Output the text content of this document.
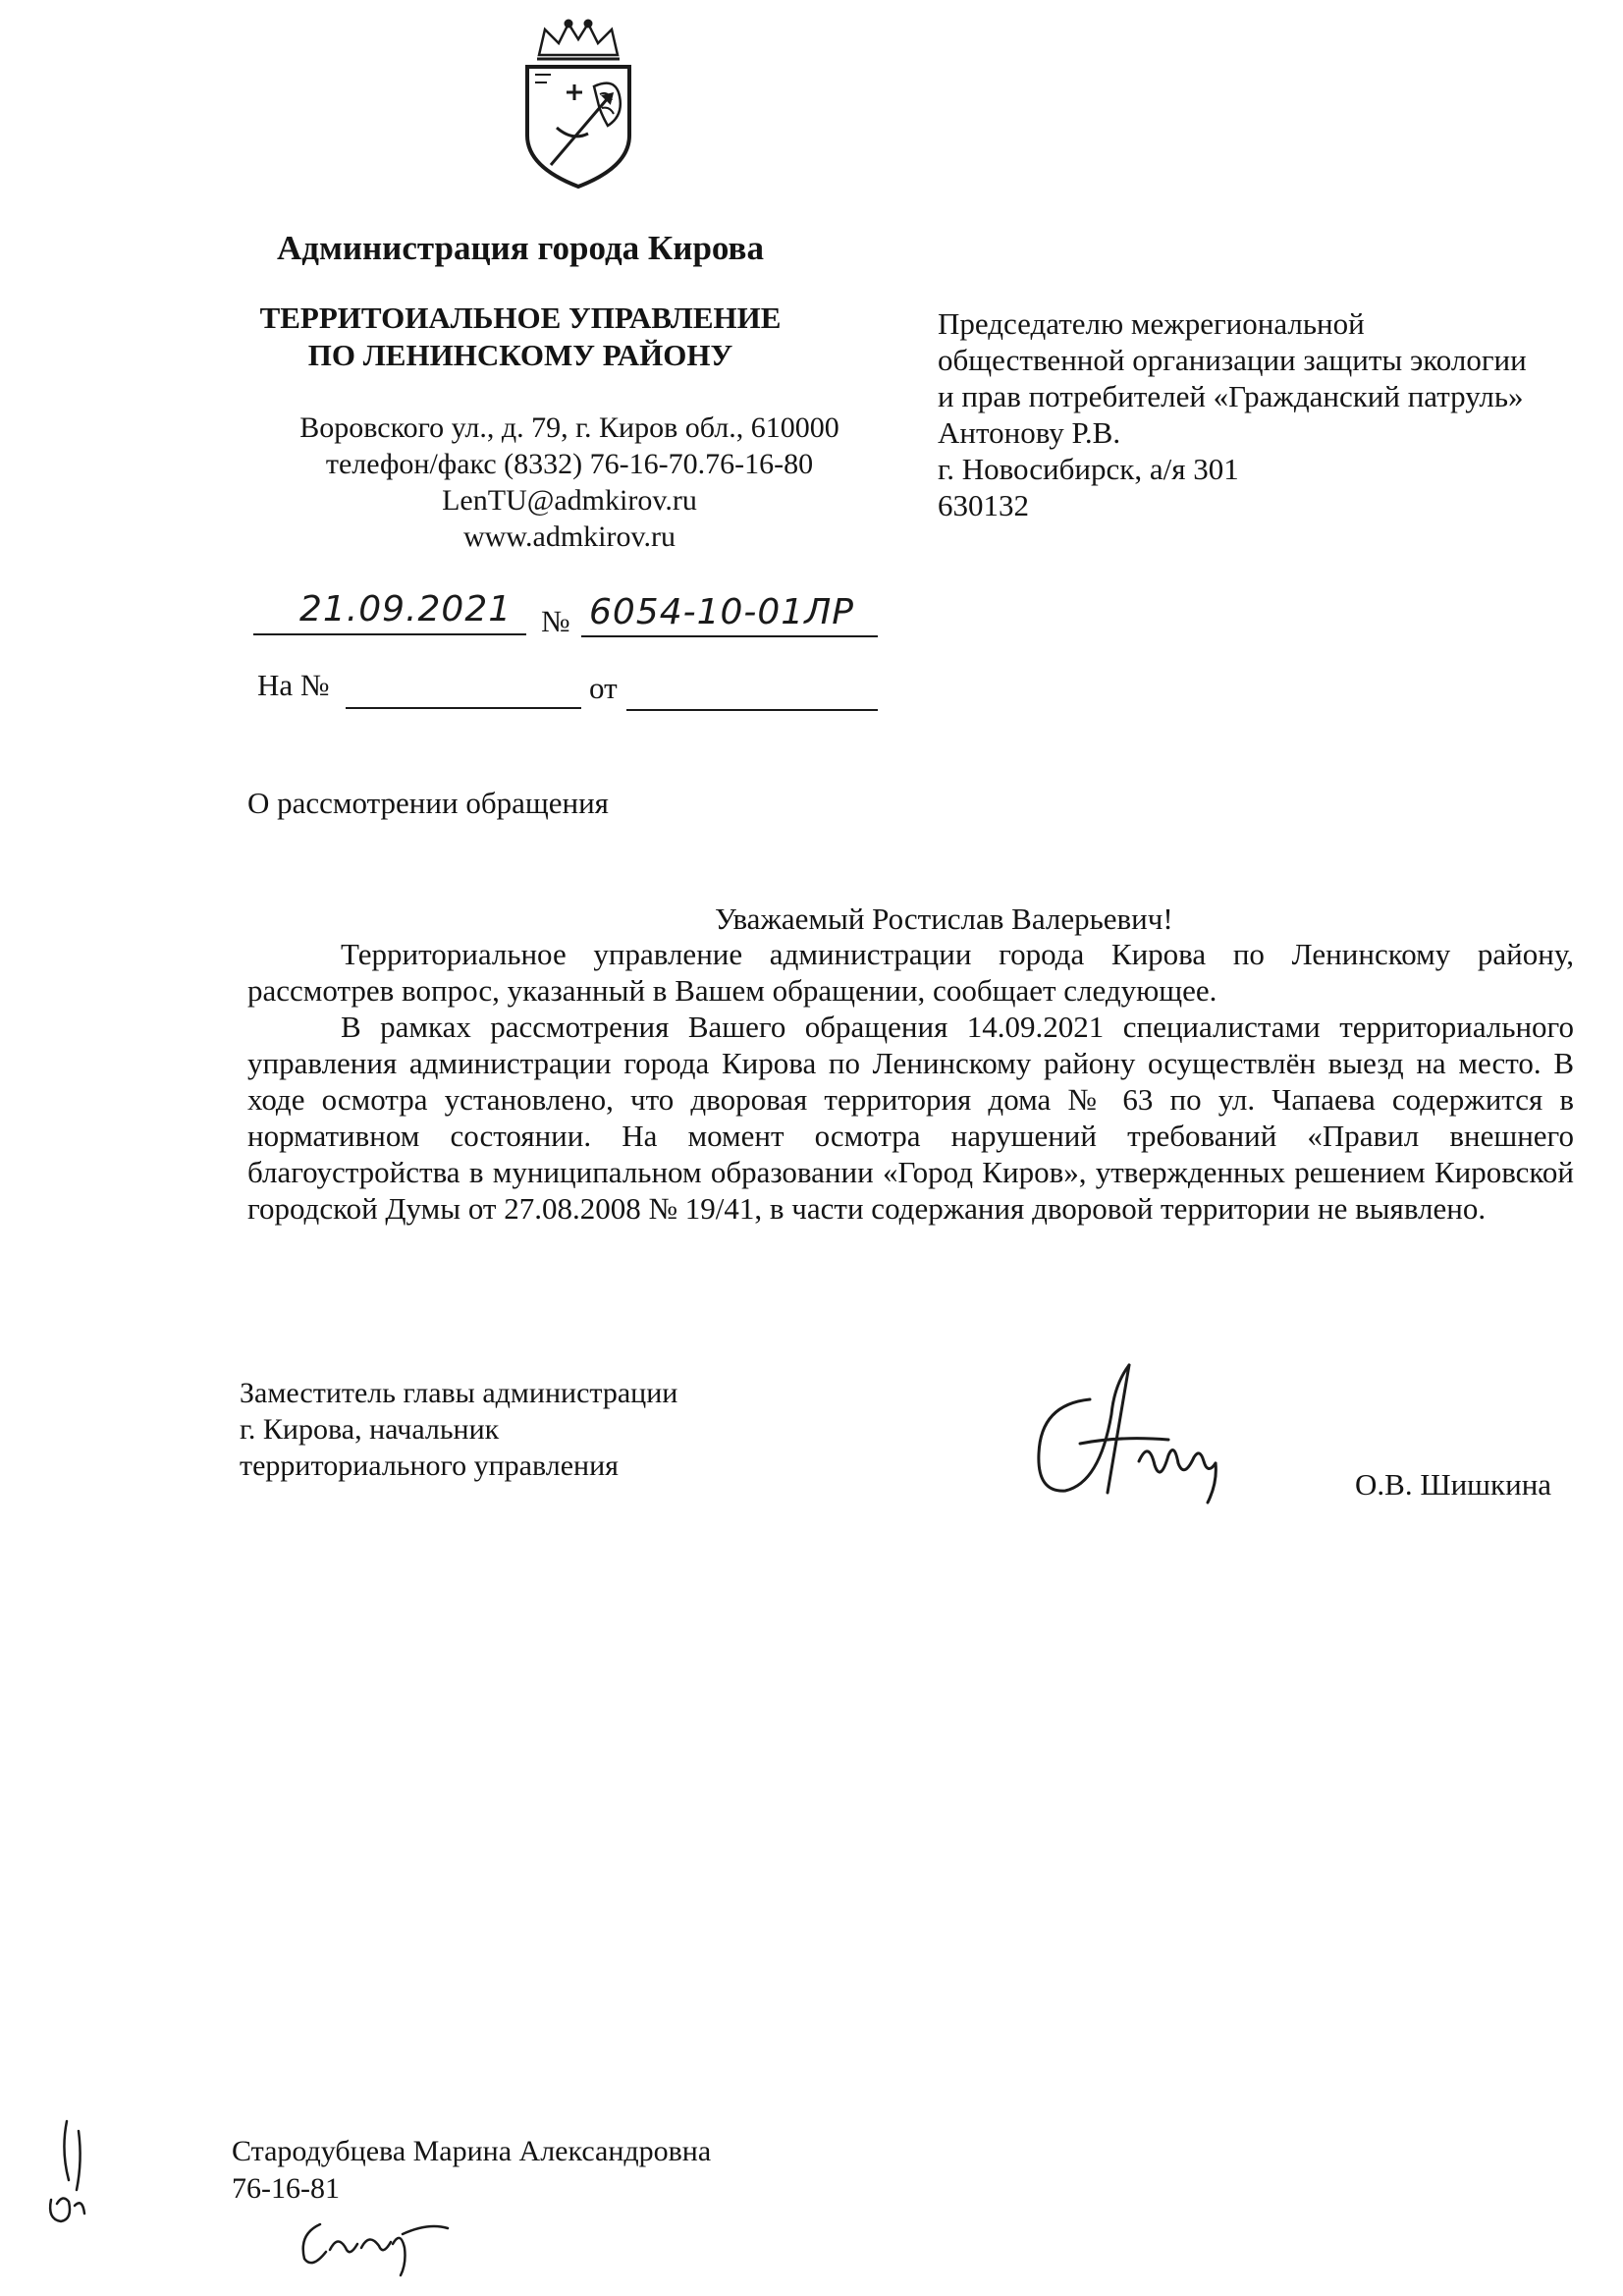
Администрация города Кирова
ТЕРРИТОИАЛЬНОЕ УПРАВЛЕНИЕ
ПО ЛЕНИНСКОМУ РАЙОНУ
Воровского ул., д. 79, г. Киров обл., 610000
телефон/факс (8332) 76-16-70.76-16-80
LenTU@admkirov.ru
www.admkirov.ru
Председателю межрегиональной
общественной организации защиты экологии
и прав потребителей «Гражданский патруль»
Антонову Р.В.
г. Новосибирск, а/я 301
630132
21.09.2021 № 6054-10-01ЛР
На №	от
О рассмотрении обращения
Уважаемый Ростислав Валерьевич!

Территориальное управление администрации города Кирова по Ленинскому району, рассмотрев вопрос, указанный в Вашем обращении, сообщает следующее.

В рамках рассмотрения Вашего обращения 14.09.2021 специалистами территориального управления администрации города Кирова по Ленинскому району осуществлён выезд на место. В ходе осмотра установлено, что дворовая территория дома № 63 по ул. Чапаева содержится в нормативном состоянии. На момент осмотра нарушений требований «Правил внешнего благоустройства в муниципальном образовании «Город Киров», утвержденных решением Кировской городской Думы от 27.08.2008 № 19/41, в части содержания дворовой территории не выявлено.

Заместитель главы администрации
г. Кирова, начальник
территориального управления
О.В. Шишкина
Стародубцева Марина Александровна
76-16-81
